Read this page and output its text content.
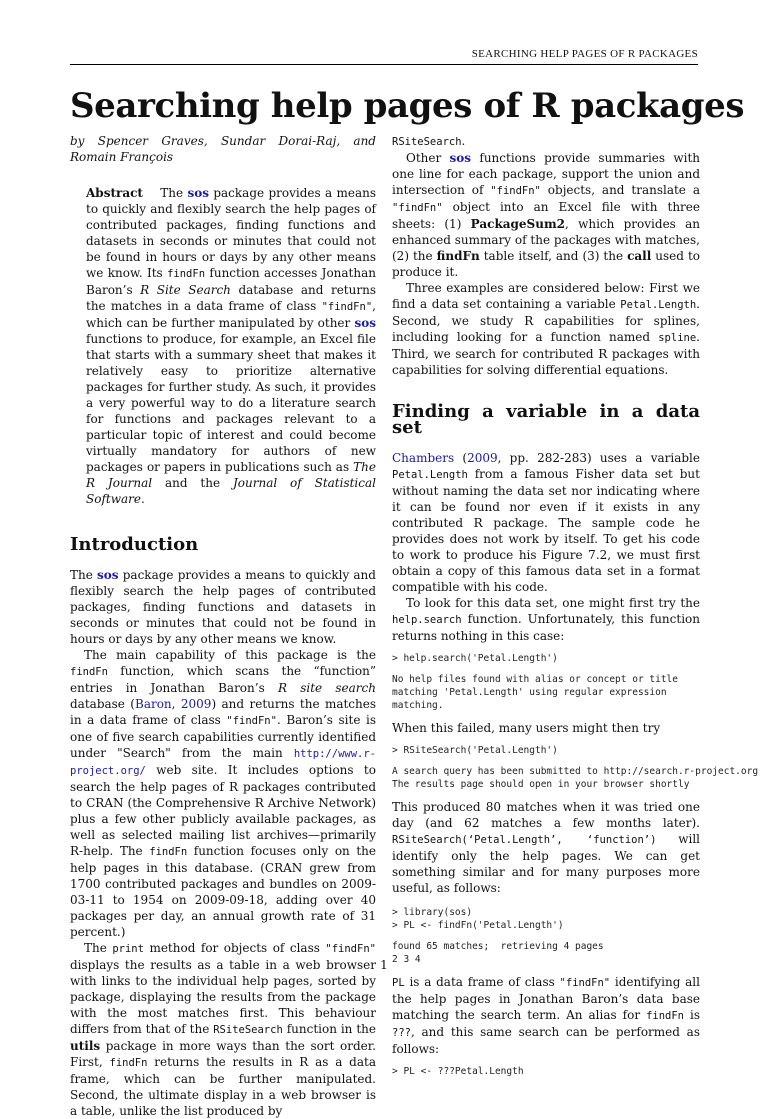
SEARCHING HELP PAGES OF R PACKAGES
Searching help pages of R packages

by Spencer Graves, Sundar Dorai-Raj, and Romain François

Abstract The sos package provides a means to quickly and flexibly search the help pages of contributed packages, finding functions and datasets in seconds or minutes that could not be found in hours or days by any other means we know. Its findFn function accesses Jonathan Baron’s R Site Search database and returns the matches in a data frame of class "findFn", which can be further manipulated by other sos functions to produce, for example, an Excel file that starts with a summary sheet that makes it relatively easy to prioritize alternative packages for further study. As such, it provides a very powerful way to do a literature search for functions and packages relevant to a particular topic of interest and could become virtually mandatory for authors of new packages or papers in publications such as The R Journal and the Journal of Statistical Software.

Introduction

The sos package provides a means to quickly and flexibly search the help pages of contributed packages, finding functions and datasets in seconds or minutes that could not be found in hours or days by any other means we know.

The main capability of this package is the findFn function, which scans the “function” entries in Jonathan Baron’s R site search database (Baron, 2009) and returns the matches in a data frame of class "findFn". Baron’s site is one of five search capabilities currently identified under "Search" from the main http://www.r-project.org/ web site. It includes options to search the help pages of R packages contributed to CRAN (the Comprehensive R Archive Network) plus a few other publicly available packages, as well as selected mailing list archives—primarily R-help. The findFn function focuses only on the help pages in this database. (CRAN grew from 1700 contributed packages and bundles on 2009-03-11 to 1954 on 2009-09-18, adding over 40 packages per day, an annual growth rate of 31 percent.)

The print method for objects of class "findFn" displays the results as a table in a web browser with links to the individual help pages, sorted by package, displaying the results from the package with the most matches first. This behaviour differs from that of the RSiteSearch function in the utils package in more ways than the sort order. First, findFn returns the results in R as a data frame, which can be further manipulated. Second, the ultimate display in a web browser is a table, unlike the list produced by

RSiteSearch.

Other sos functions provide summaries with one line for each package, support the union and intersection of "findFn" objects, and translate a "findFn" object into an Excel file with three sheets: (1) PackageSum2, which provides an enhanced summary of the packages with matches, (2) the findFn table itself, and (3) the call used to produce it.

Three examples are considered below: First we find a data set containing a variable Petal.Length. Second, we study R capabilities for splines, including looking for a function named spline. Third, we search for contributed R packages with capabilities for solving differential equations.

Finding a variable in a data set

Chambers (2009, pp. 282-283) uses a variable Petal.Length from a famous Fisher data set but without naming the data set nor indicating where it can be found nor even if it exists in any contributed R package. The sample code he provides does not work by itself. To get his code to work to produce his Figure 7.2, we must first obtain a copy of this famous data set in a format compatible with his code.

To look for this data set, one might first try the help.search function. Unfortunately, this function returns nothing in this case:

> help.search('Petal.Length')
No help files found with alias or concept or title
matching 'Petal.Length' using regular expression
matching.

When this failed, many users might then try

> RSiteSearch('Petal.Length')
A search query has been submitted to http://search.r-project.org
The results page should open in your browser shortly

This produced 80 matches when it was tried one day (and 62 matches a few months later). RSiteSearch(‘Petal.Length’, ‘function’) will identify only the help pages. We can get something similar and for many purposes more useful, as follows:

> library(sos)
> PL <- findFn('Petal.Length')
found 65 matches;  retrieving 4 pages
2 3 4

PL is a data frame of class "findFn" identifying all the help pages in Jonathan Baron’s data base matching the search term. An alias for findFn is ???, and this same search can be performed as follows:

> PL <- ???Petal.Length
1
